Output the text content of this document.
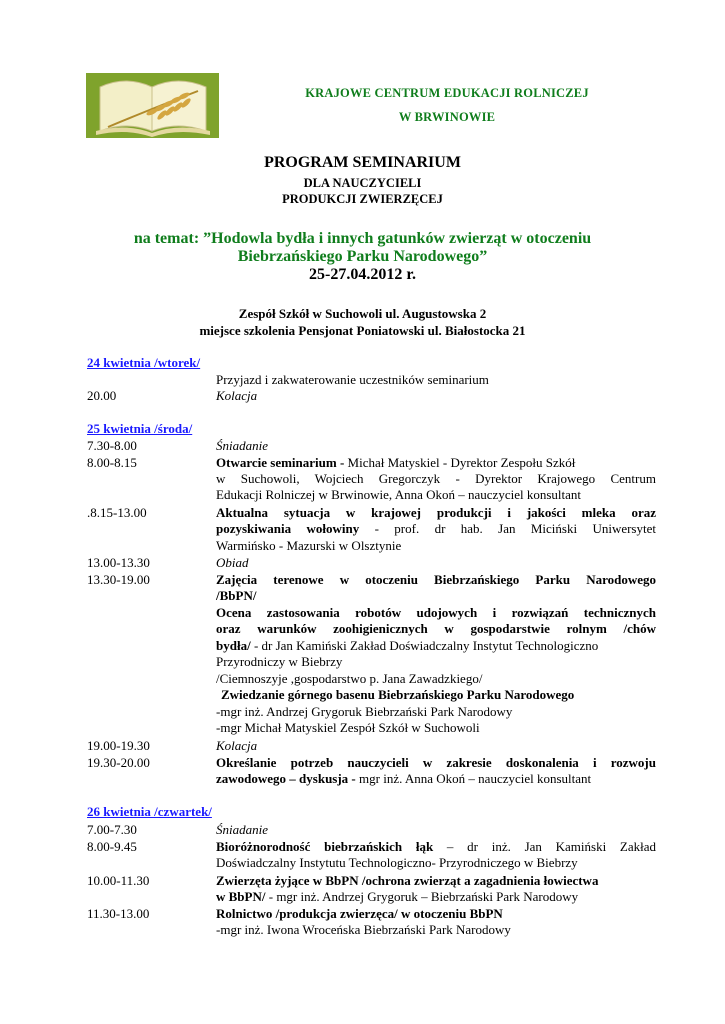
KRAJOWE CENTRUM EDUKACJI ROLNICZEJ
W BRWINOWIE
PROGRAM SEMINARIUM
DLA NAUCZYCIELI
PRODUKCJI ZWIERZĘCEJ
na temat: ”Hodowla bydła i innych gatunków zwierząt w otoczeniu
Biebrzańskiego Parku Narodowego”
25-27.04.2012 r.
Zespół Szkół w Suchowoli ul. Augustowska 2
miejsce szkolenia Pensjonat Poniatowski ul. Białostocka 21
24 kwietnia /wtorek/
Przyjazd i zakwaterowanie uczestników seminarium
20.00	Kolacja
25 kwietnia /środa/
7.30-8.00	Śniadanie
8.00-8.15	Otwarcie seminarium - Michał Matyskiel - Dyrektor Zespołu Szkół
w Suchowoli, Wojciech Gregorczyk - Dyrektor Krajowego Centrum
Edukacji Rolniczej w Brwinowie, Anna Okoń – nauczyciel konsultant
.8.15-13.00	Aktualna sytuacja w krajowej produkcji i jakości mleka oraz
pozyskiwania wołowiny - prof. dr hab. Jan Miciński Uniwersytet
Warmińsko - Mazurski w Olsztynie
13.00-13.30	Obiad
13.30-19.00	Zajęcia terenowe w otoczeniu Biebrzańskiego Parku Narodowego
/BbPN/
Ocena zastosowania robotów udojowych i rozwiązań technicznych
oraz warunków zoohigienicznych w gospodarstwie rolnym /chów
bydła/ - dr Jan Kamiński Zakład Doświadczalny Instytut Technologiczno
Przyrodniczy w Biebrzy
/Ciemnoszyje ,gospodarstwo p. Jana Zawadzkiego/
Zwiedzanie górnego basenu Biebrzańskiego Parku Narodowego
-mgr inż. Andrzej Grygoruk Biebrzański Park Narodowy
-mgr Michał Matyskiel Zespół Szkół w Suchowoli
19.00-19.30	Kolacja
19.30-20.00	Określanie potrzeb nauczycieli w zakresie doskonalenia i rozwoju
zawodowego – dyskusja - mgr inż. Anna Okoń – nauczyciel konsultant
26 kwietnia /czwartek/
7.00-7.30	Śniadanie
8.00-9.45	Bioróżnorodność biebrzańskich łąk – dr inż. Jan Kamiński Zakład
Doświadczalny Instytutu Technologiczno- Przyrodniczego w Biebrzy
10.00-11.30	Zwierzęta żyjące w BbPN /ochrona zwierząt a zagadnienia łowiectwa
w BbPN/ - mgr inż. Andrzej Grygoruk – Biebrzański Park Narodowy
11.30-13.00	Rolnictwo /produkcja zwierzęca/ w otoczeniu BbPN
-mgr inż. Iwona Wroceńska Biebrzański Park Narodowy
